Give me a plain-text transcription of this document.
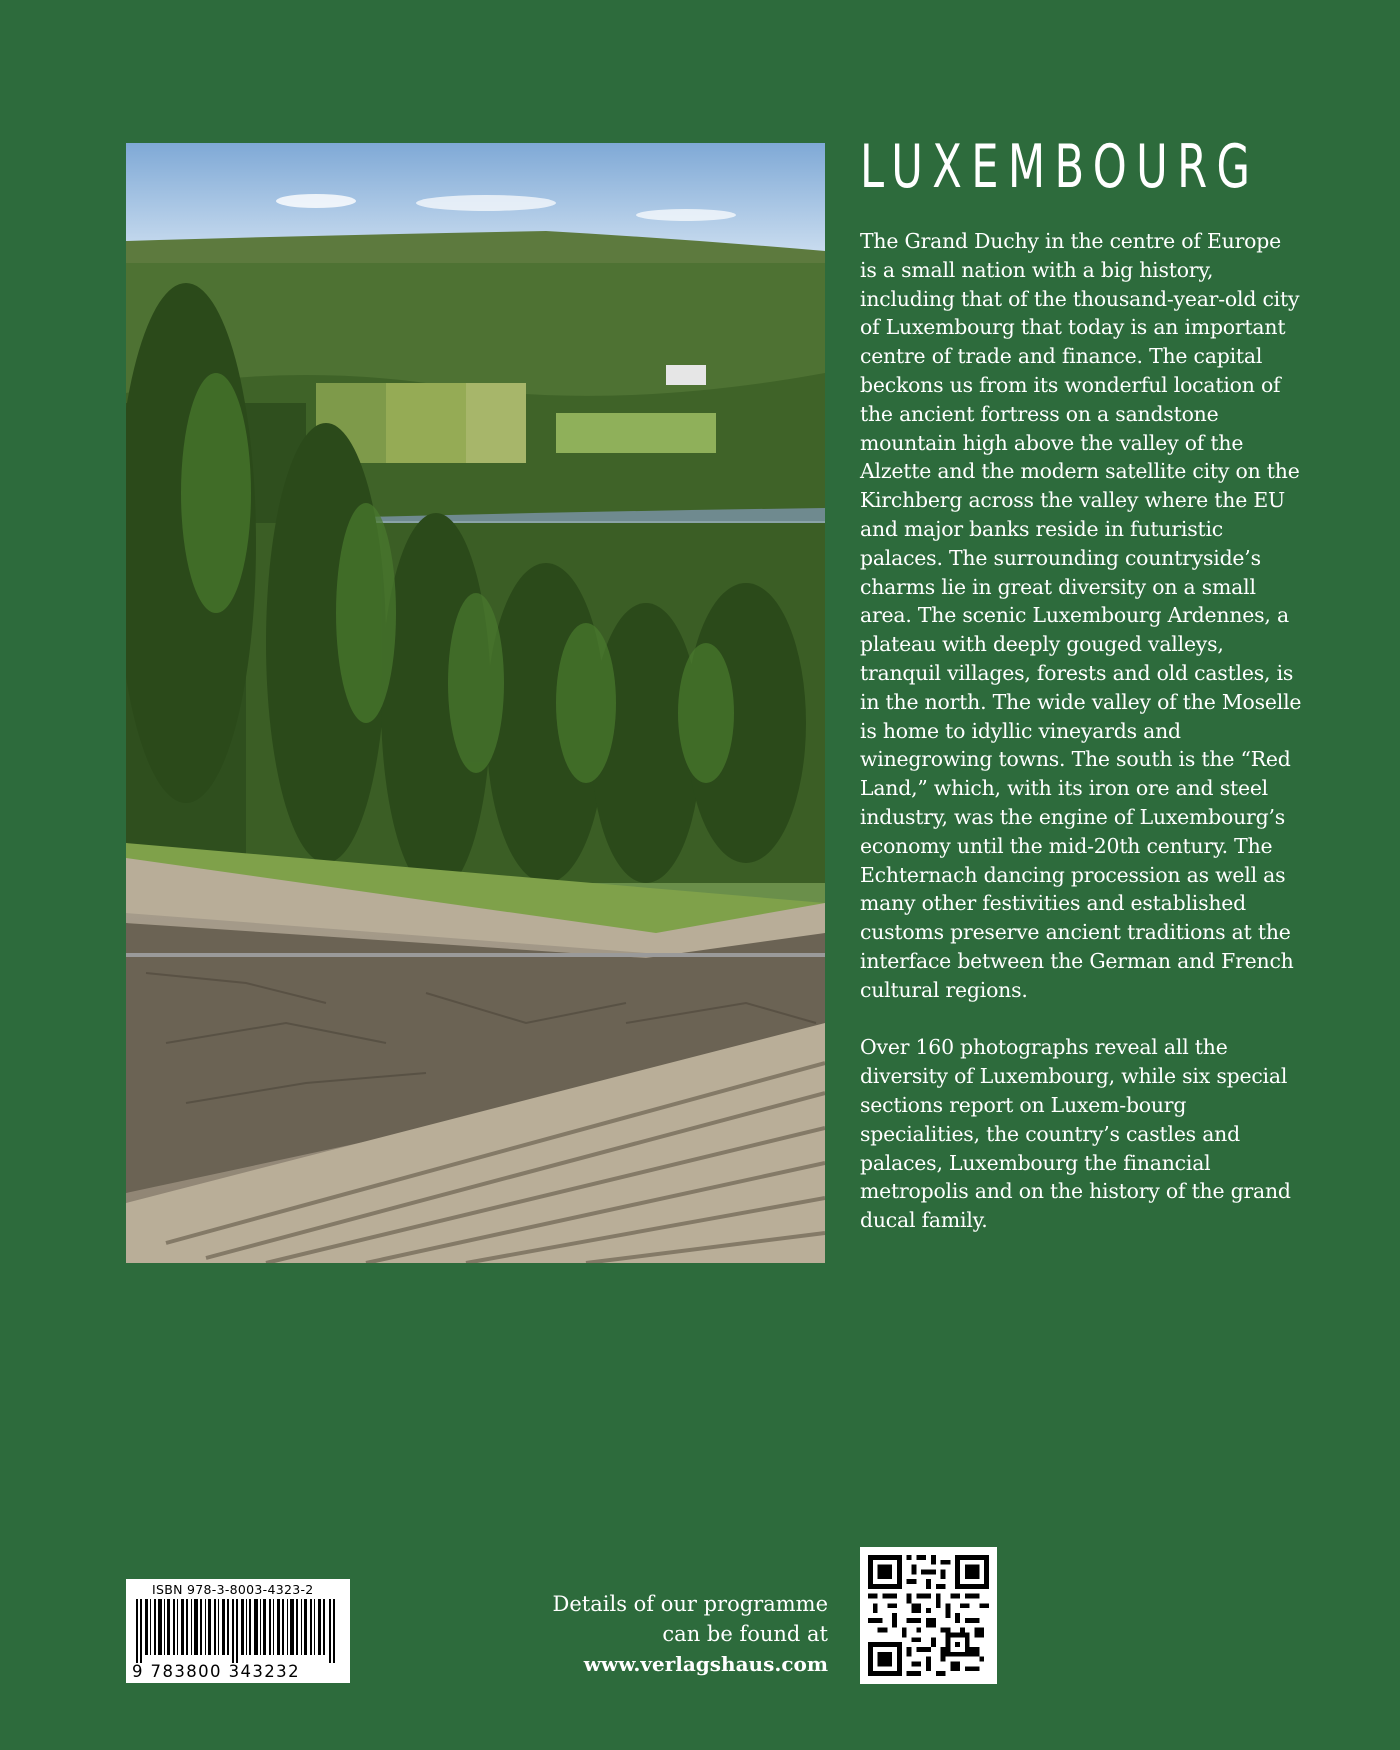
LUXEMBOURG

The Grand Duchy in the centre of Europe is a small nation with a big history, including that of the thousand-year-old city of Luxembourg that today is an important centre of trade and finance. The capital beckons us from its wonderful location of the ancient fortress on a sandstone mountain high above the valley of the Alzette and the modern satellite city on the Kirchberg across the valley where the EU and major banks reside in futuristic palaces. The surrounding countryside’s charms lie in great diversity on a small area. The scenic Luxembourg Ardennes, a plateau with deeply gouged valleys, tranquil villages, forests and old castles, is in the north. The wide valley of the Moselle is home to idyllic vineyards and winegrowing towns. The south is the “Red Land,” which, with its iron ore and steel industry, was the engine of Luxembourg’s economy until the mid-20th century. The Echternach dancing procession as well as many other festivities and established customs preserve ancient traditions at the interface between the German and French cultural regions.

Over 160 photographs reveal all the diversity of Luxembourg, while six special sections report on Luxem-bourg specialities, the country’s castles and palaces, Luxembourg the financial metropolis and on the history of the grand ducal family.

ISBN 978-3-8003-4323-2
9 783800 343232
Details of our programme
can be found at
www.verlagshaus.com
